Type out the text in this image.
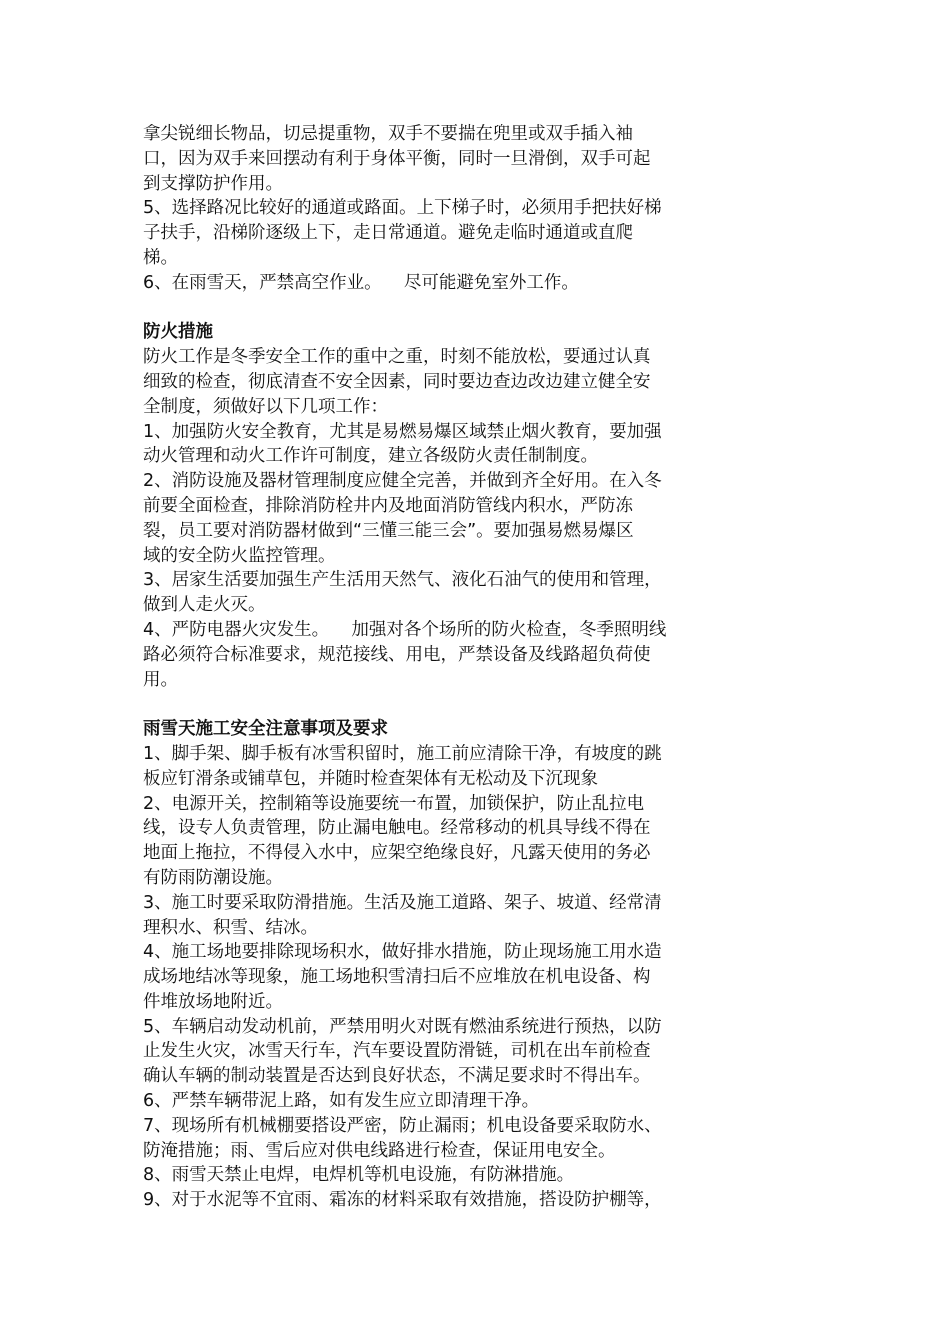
拿尖锐细长物品，切忌提重物，双手不要揣在兜里或双手插入袖
口，因为双手来回摆动有利于身体平衡，同时一旦滑倒，双手可起
到支撑防护作用。
5、选择路况比较好的通道或路面。上下梯子时，必须用手把扶好梯
子扶手，沿梯阶逐级上下，走日常通道。避免走临时通道或直爬
梯。
6、在雨雪天，严禁高空作业。    尽可能避免室外工作。
防火措施
防火工作是冬季安全工作的重中之重，时刻不能放松，要通过认真
细致的检查，彻底清查不安全因素，同时要边查边改边建立健全安
全制度，须做好以下几项工作：
1、加强防火安全教育，尤其是易燃易爆区域禁止烟火教育，要加强
动火管理和动火工作许可制度，建立各级防火责任制制度。
2、消防设施及器材管理制度应健全完善，并做到齐全好用。在入冬
前要全面检查，排除消防栓井内及地面消防管线内积水，严防冻
裂，员工要对消防器材做到“三懂三能三会”。要加强易燃易爆区
域的安全防火监控管理。
3、居家生活要加强生产生活用天然气、液化石油气的使用和管理，
做到人走火灭。
4、严防电器火灾发生。    加强对各个场所的防火检查，冬季照明线
路必须符合标准要求，规范接线、用电，严禁设备及线路超负荷使
用。
雨雪天施工安全注意事项及要求
1、脚手架、脚手板有冰雪积留时，施工前应清除干净，有坡度的跳
板应钉滑条或铺草包，并随时检查架体有无松动及下沉现象
2、电源开关，控制箱等设施要统一布置，加锁保护，防止乱拉电
线，设专人负责管理，防止漏电触电。经常移动的机具导线不得在
地面上拖拉，不得侵入水中，应架空绝缘良好，凡露天使用的务必
有防雨防潮设施。
3、施工时要采取防滑措施。生活及施工道路、架子、坡道、经常清
理积水、积雪、结冰。
4、施工场地要排除现场积水，做好排水措施，防止现场施工用水造
成场地结冰等现象，施工场地积雪清扫后不应堆放在机电设备、构
件堆放场地附近。
5、车辆启动发动机前，严禁用明火对既有燃油系统进行预热，以防
止发生火灾，冰雪天行车，汽车要设置防滑链，司机在出车前检查
确认车辆的制动装置是否达到良好状态，不满足要求时不得出车。
6、严禁车辆带泥上路，如有发生应立即清理干净。
7、现场所有机械棚要搭设严密，防止漏雨；机电设备要采取防水、
防淹措施；雨、雪后应对供电线路进行检查，保证用电安全。
8、雨雪天禁止电焊，电焊机等机电设施，有防淋措施。
9、对于水泥等不宜雨、霜冻的材料采取有效措施，搭设防护棚等，
